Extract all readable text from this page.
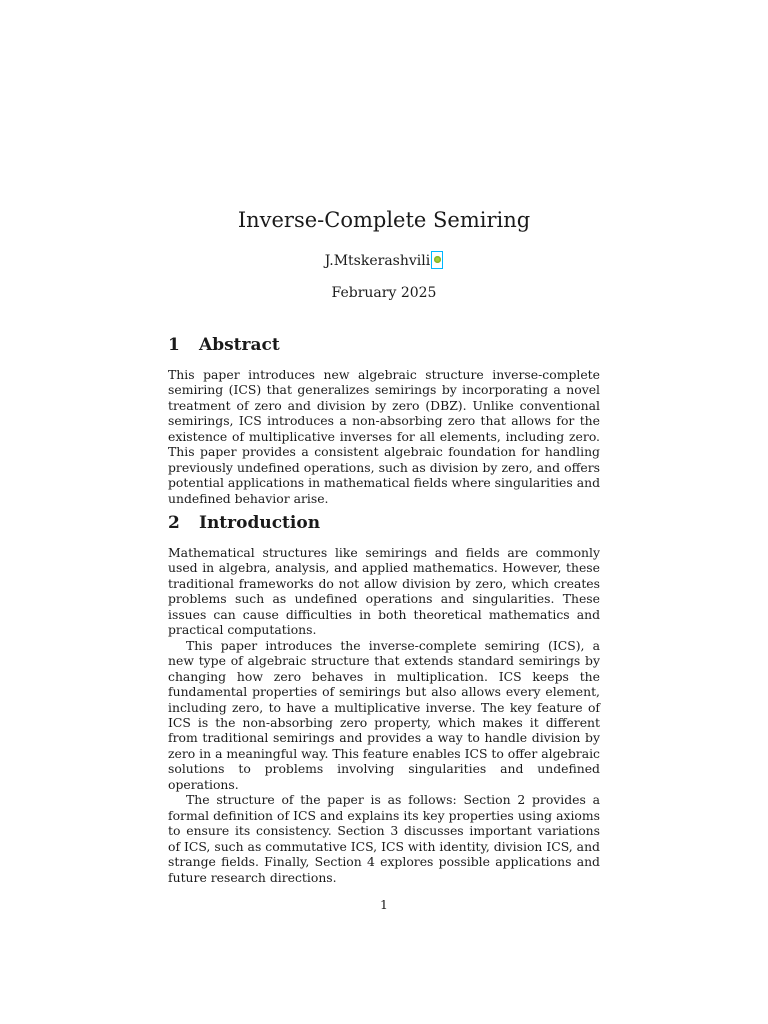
Inverse-Complete Semiring
J.Mtskerashvili
February 2025
1 Abstract

This paper introduces new algebraic structure inverse-complete semiring (ICS) that generalizes semirings by incorporating a novel treatment of zero and division by zero (DBZ). Unlike conventional semirings, ICS introduces a non-absorbing zero that allows for the existence of multiplicative inverses for all elements, including zero. This paper provides a consistent algebraic foundation for handling previously undefined operations, such as division by zero, and offers potential applications in mathematical fields where singularities and undefined behavior arise.

2 Introduction

Mathematical structures like semirings and fields are commonly used in algebra, analysis, and applied mathematics. However, these traditional frameworks do not allow division by zero, which creates problems such as undefined operations and singularities. These issues can cause difficulties in both theoretical mathematics and practical computations.

This paper introduces the inverse-complete semiring (ICS), a new type of algebraic structure that extends standard semirings by changing how zero behaves in multiplication. ICS keeps the fundamental properties of semirings but also allows every element, including zero, to have a multiplicative inverse. The key feature of ICS is the non-absorbing zero property, which makes it different from traditional semirings and provides a way to handle division by zero in a meaningful way. This feature enables ICS to offer algebraic solutions to problems involving singularities and undefined operations.

The structure of the paper is as follows: Section 2 provides a formal definition of ICS and explains its key properties using axioms to ensure its consistency. Section 3 discusses important variations of ICS, such as commutative ICS, ICS with identity, division ICS, and strange fields. Finally, Section 4 explores possible applications and future research directions.

1
